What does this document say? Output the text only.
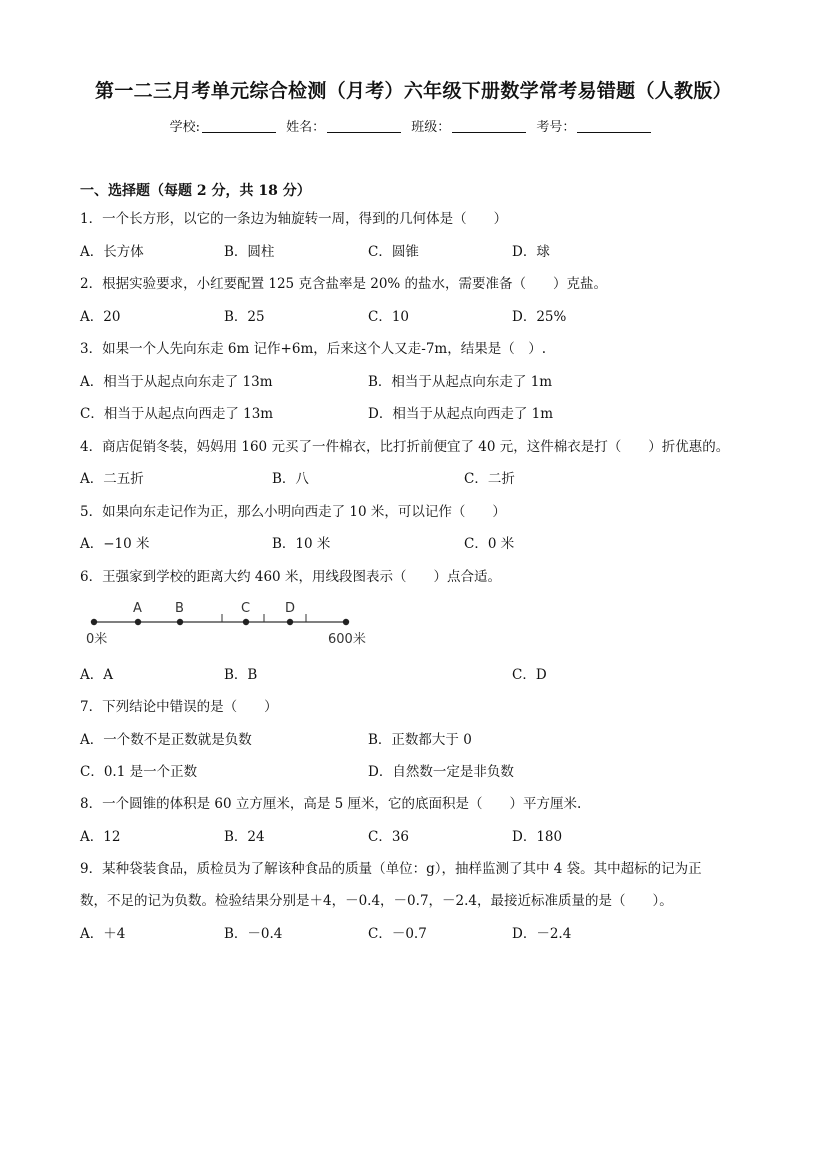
第一二三月考单元综合检测（月考）六年级下册数学常考易错题（人教版）
学校:	姓名：	班级：	考号：
一、选择题（每题 2 分，共 18 分）
1．一个长方形，以它的一条边为轴旋转一周，得到的几何体是（　　）
A．长方体	B．圆柱	C．圆锥	D．球
2．根据实验要求，小红要配置 125 克含盐率是 20% 的盐水，需要准备（　　）克盐。
A．20	B．25	C．10	D．25%
3．如果一个人先向东走 6m 记作+6m，后来这个人又走-7m，结果是（　）.
A．相当于从起点向东走了 13m	B．相当于从起点向东走了 1m
C．相当于从起点向西走了 13m	D．相当于从起点向西走了 1m
4．商店促销冬装，妈妈用 160 元买了一件棉衣，比打折前便宜了 40 元，这件棉衣是打（　　）折优惠的。
A．二五折	B．八	C．二折
5．如果向东走记作为正，那么小明向西走了 10 米，可以记作（　　）
A．−10 米	B．10 米	C．0 米
6．王强家到学校的距离大约 460 米，用线段图表示（　　）点合适。
A	B	C	D
0米	600米
A．A	B．B	C．D
7．下列结论中错误的是（　　）
A．一个数不是正数就是负数	B．正数都大于 0
C．0.1 是一个正数	D．自然数一定是非负数
8．一个圆锥的体积是 60 立方厘米，高是 5 厘米，它的底面积是（　　）平方厘米.
A．12	B．24	C．36	D．180
9．某种袋装食品，质检员为了解该种食品的质量（单位：g），抽样监测了其中 4 袋。其中超标的记为正
数，不足的记为负数。检验结果分别是＋4，－0.4，－0.7，－2.4，最接近标准质量的是（　　）。
A．＋4	B．－0.4	C．－0.7	D．－2.4
